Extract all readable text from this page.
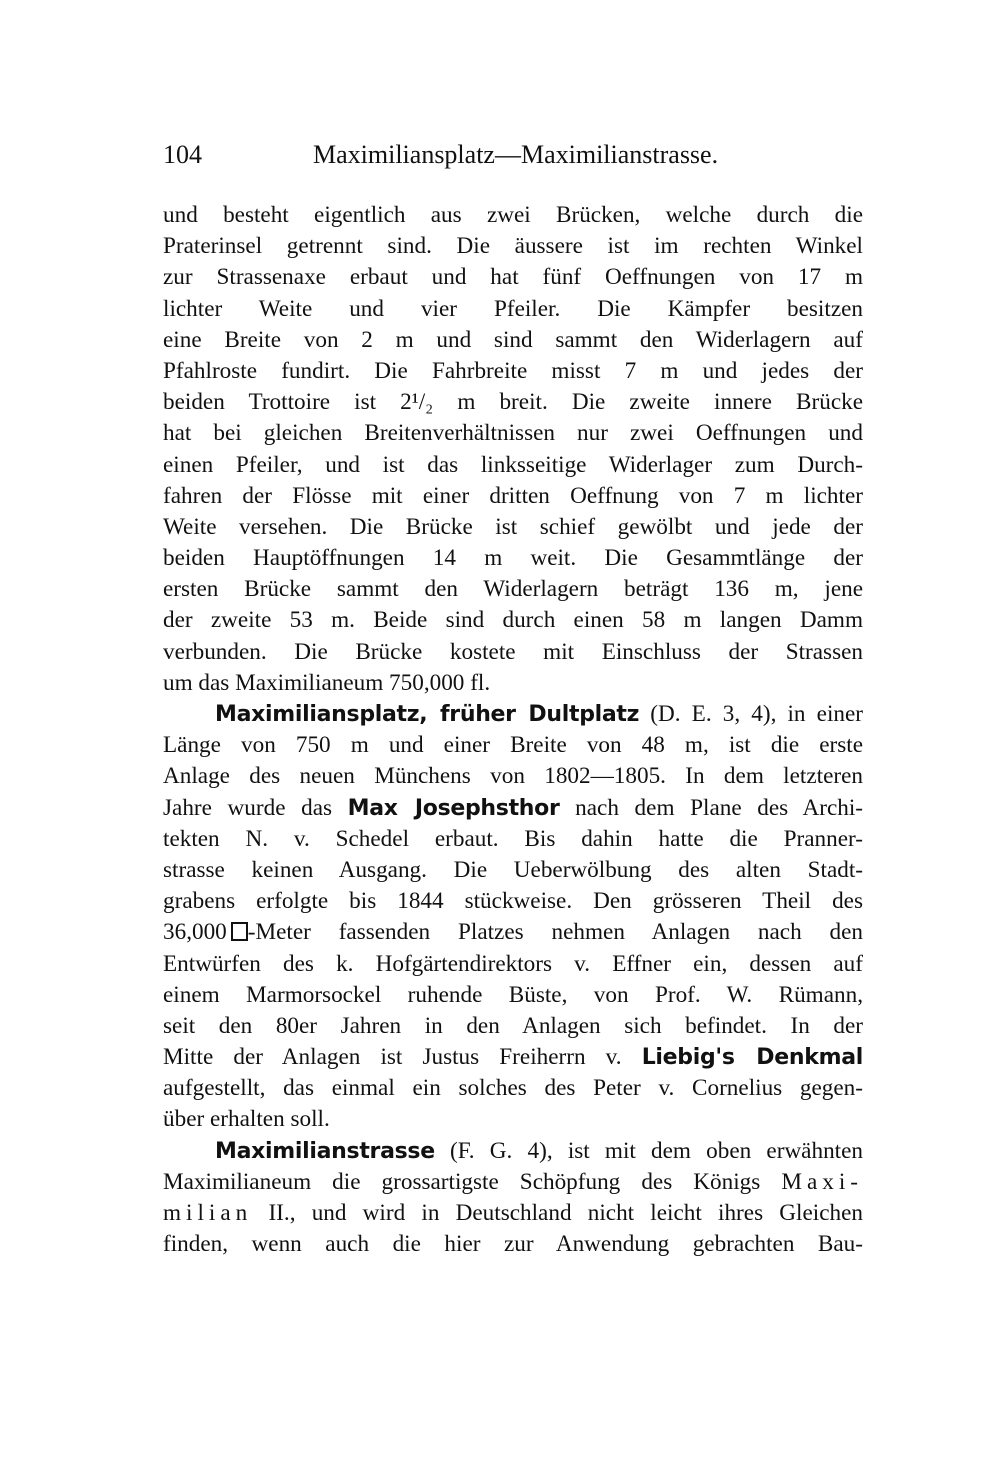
104	Maximiliansplatz—Maximilianstrasse.
und besteht eigentlich aus zwei Brücken, welche durch die
Praterinsel getrennt sind. Die äussere ist im rechten Winkel
zur Strassenaxe erbaut und hat fünf Oeffnungen von 17 m
lichter Weite und vier Pfeiler. Die Kämpfer besitzen
eine Breite von 2 m und sind sammt den Widerlagern auf
Pfahlroste fundirt. Die Fahrbreite misst 7 m und jedes der
beiden Trottoire ist 2¹/₂ m breit. Die zweite innere Brücke
hat bei gleichen Breitenverhältnissen nur zwei Oeffnungen und
einen Pfeiler, und ist das linksseitige Widerlager zum Durch-
fahren der Flösse mit einer dritten Oeffnung von 7 m lichter
Weite versehen. Die Brücke ist schief gewölbt und jede der
beiden Hauptöffnungen 14 m weit. Die Gesammtlänge der
ersten Brücke sammt den Widerlagern beträgt 136 m, jene
der zweite 53 m. Beide sind durch einen 58 m langen Damm
verbunden. Die Brücke kostete mit Einschluss der Strassen
um das Maximilianeum 750,000 fl.
Maximiliansplatz, früher Dultplatz (D. E. 3, 4), in einer
Länge von 750 m und einer Breite von 48 m, ist die erste
Anlage des neuen Münchens von 1802—1805. In dem letzteren
Jahre wurde das Max Josephsthor nach dem Plane des Archi-
tekten N. v. Schedel erbaut. Bis dahin hatte die Pranner-
strasse keinen Ausgang. Die Ueberwölbung des alten Stadt-
grabens erfolgte bis 1844 stückweise. Den grösseren Theil des
36,000 -Meter fassenden Platzes nehmen Anlagen nach den
Entwürfen des k. Hofgärtendirektors v. Effner ein, dessen auf
einem Marmorsockel ruhende Büste, von Prof. W. Rümann,
seit den 80er Jahren in den Anlagen sich befindet. In der
Mitte der Anlagen ist Justus Freiherrn v. Liebig's Denkmal
aufgestellt, das einmal ein solches des Peter v. Cornelius gegen-
über erhalten soll.
Maximilianstrasse (F. G. 4), ist mit dem oben erwähnten
Maximilianeum die grossartigste Schöpfung des Königs Maxi-
milian II., und wird in Deutschland nicht leicht ihres Gleichen
finden, wenn auch die hier zur Anwendung gebrachten Bau-
